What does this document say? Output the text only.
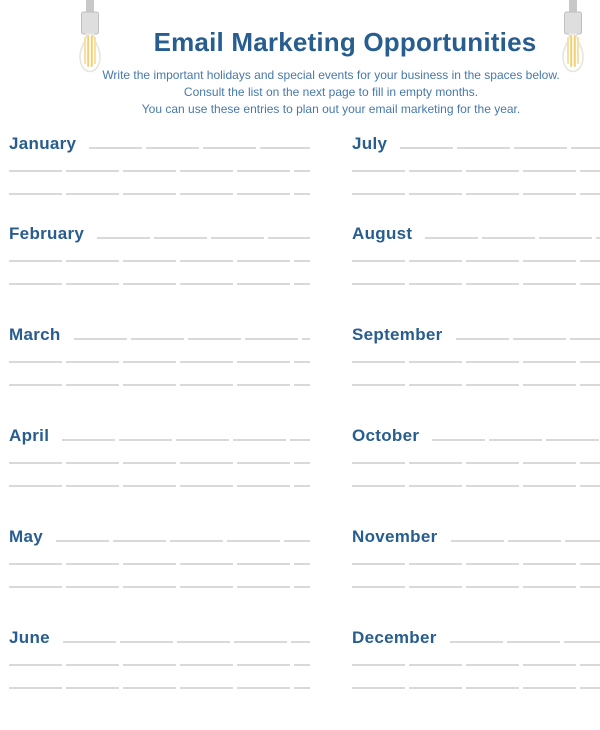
Email Marketing Opportunities
Write the important holidays and special events for your business in the spaces below.
Consult the list on the next page to fill in empty months.
You can use these entries to plan out your email marketing for the year.
January
February
March
April
May
June
July
August
September
October
November
December
